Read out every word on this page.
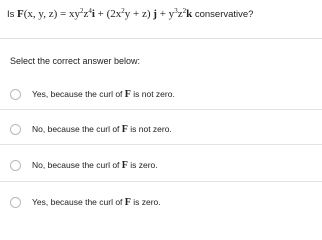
Is F(x, y, $z) = xy^2z^4i + (2x^2y + z) j + y^3z^2k$ conservative?
Select the correct answer below:
Yes, because the curl of F is not zero.
No, because the curl of F is not zero.
No, because the curl of F is zero.
Yes, because the curl of F is zero.
